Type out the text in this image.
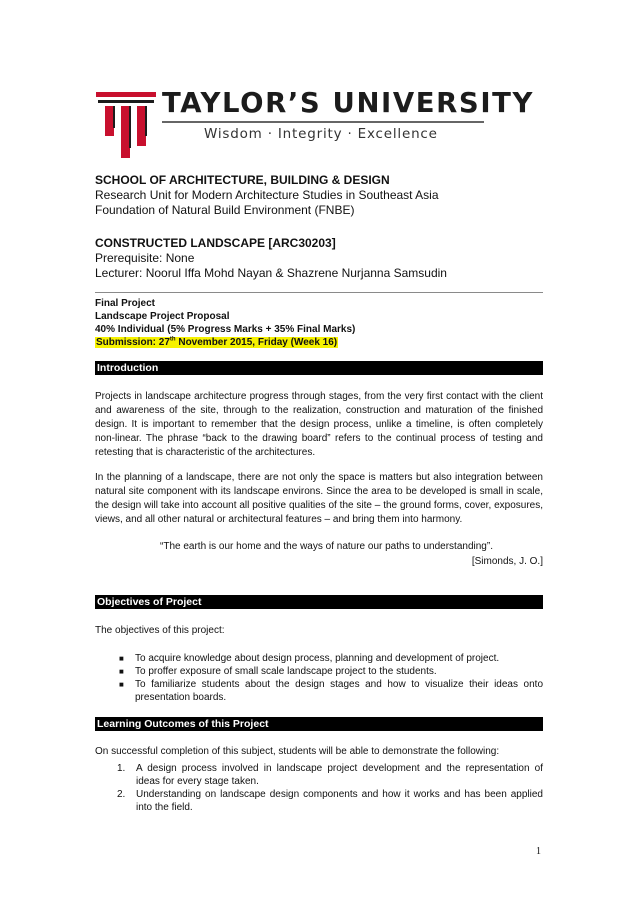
TAYLOR’S UNIVERSITY
Wisdom · Integrity · Excellence
SCHOOL OF ARCHITECTURE, BUILDING & DESIGN
Research Unit for Modern Architecture Studies in Southeast Asia
Foundation of Natural Build Environment (FNBE)
CONSTRUCTED LANDSCAPE [ARC30203]
Prerequisite: None
Lecturer: Noorul Iffa Mohd Nayan & Shazrene Nurjanna Samsudin
Final Project
Landscape Project Proposal
40% Individual (5% Progress Marks + 35% Final Marks)
Submission: 27th November 2015, Friday (Week 16)
Introduction
Projects in landscape architecture progress through stages, from the very first contact with the client and awareness of the site, through to the realization, construction and maturation of the finished design. It is important to remember that the design process, unlike a timeline, is often completely non-linear. The phrase “back to the drawing board” refers to the continual process of testing and retesting that is characteristic of the architectures.
In the planning of a landscape, there are not only the space is matters but also integration between natural site component with its landscape environs. Since the area to be developed is small in scale, the design will take into account all positive qualities of the site – the ground forms, cover, exposures, views, and all other natural or architectural features – and bring them into harmony.
“The earth is our home and the ways of nature our paths to understanding”.
[Simonds, J. O.]
Objectives of Project
The objectives of this project:
■ To acquire knowledge about design process, planning and development of project.
■ To proffer exposure of small scale landscape project to the students.
■ To familiarize students about the design stages and how to visualize their ideas onto presentation boards.
Learning Outcomes of this Project
On successful completion of this subject, students will be able to demonstrate the following:
1. A design process involved in landscape project development and the representation of ideas for every stage taken.
2. Understanding on landscape design components and how it works and has been applied into the field.
1
